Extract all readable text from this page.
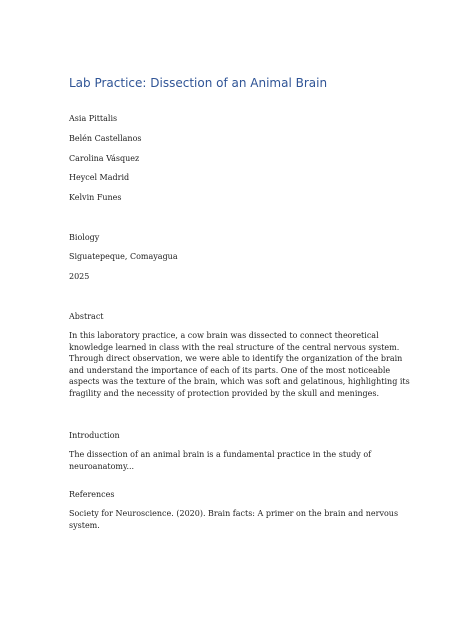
Lab Practice: Dissection of an Animal Brain
Asia Pittalis
Belén Castellanos
Carolina Vásquez
Heycel Madrid
Kelvin Funes
Biology
Siguatepeque, Comayagua
2025
Abstract
In this laboratory practice, a cow brain was dissected to connect theoretical knowledge learned in class with the real structure of the central nervous system. Through direct observation, we were able to identify the organization of the brain and understand the importance of each of its parts. One of the most noticeable aspects was the texture of the brain, which was soft and gelatinous, highlighting its fragility and the necessity of protection provided by the skull and meninges.
Introduction
The dissection of an animal brain is a fundamental practice in the study of neuroanatomy...
References
Society for Neuroscience. (2020). Brain facts: A primer on the brain and nervous system.
